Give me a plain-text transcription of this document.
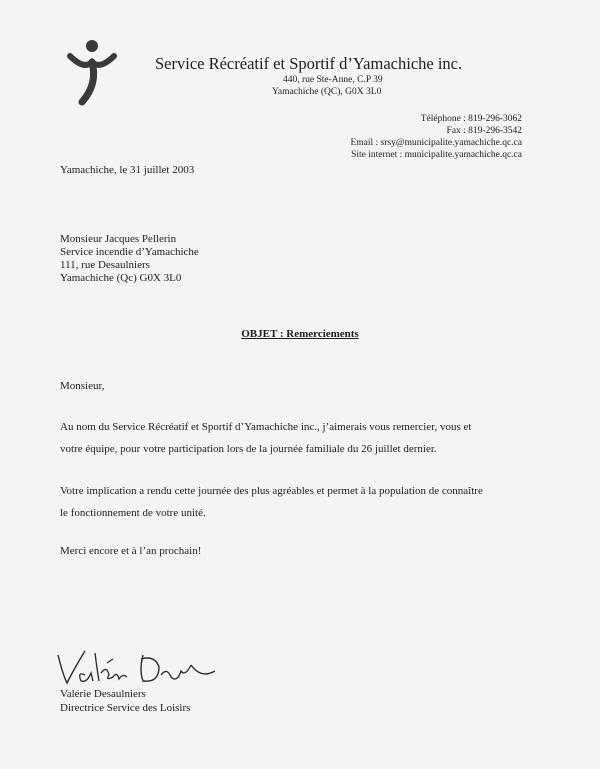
Service Récréatif et Sportif d’Yamachiche inc.
440, rue Ste-Anne, C.P 39
Yamachiche (QC), G0X 3L0
Téléphone : 819-296-3062
Fax : 819-296-3542
Email : srsy@municipalite.yamachiche.qc.ca
Site internet : municipalite.yamachiche.qc.ca
Yamachiche, le 31 juillet 2003
Monsieur Jacques Pellerin
Service incendie d’Yamachiche
111, rue Desaulniers
Yamachiche (Qc) G0X 3L0
OBJET : Remerciements
Monsieur,
Au nom du Service Récréatif et Sportif d’Yamachiche inc., j’aimerais vous remercier, vous et
votre équipe, pour votre participation lors de la journée familiale du 26 juillet dernier.
Votre implication a rendu cette journée des plus agréables et permet à la population de connaître
le fonctionnement de votre unité.
Merci encore et à l’an prochain!
Valérie Desaulniers
Directrice Service des Loisirs
